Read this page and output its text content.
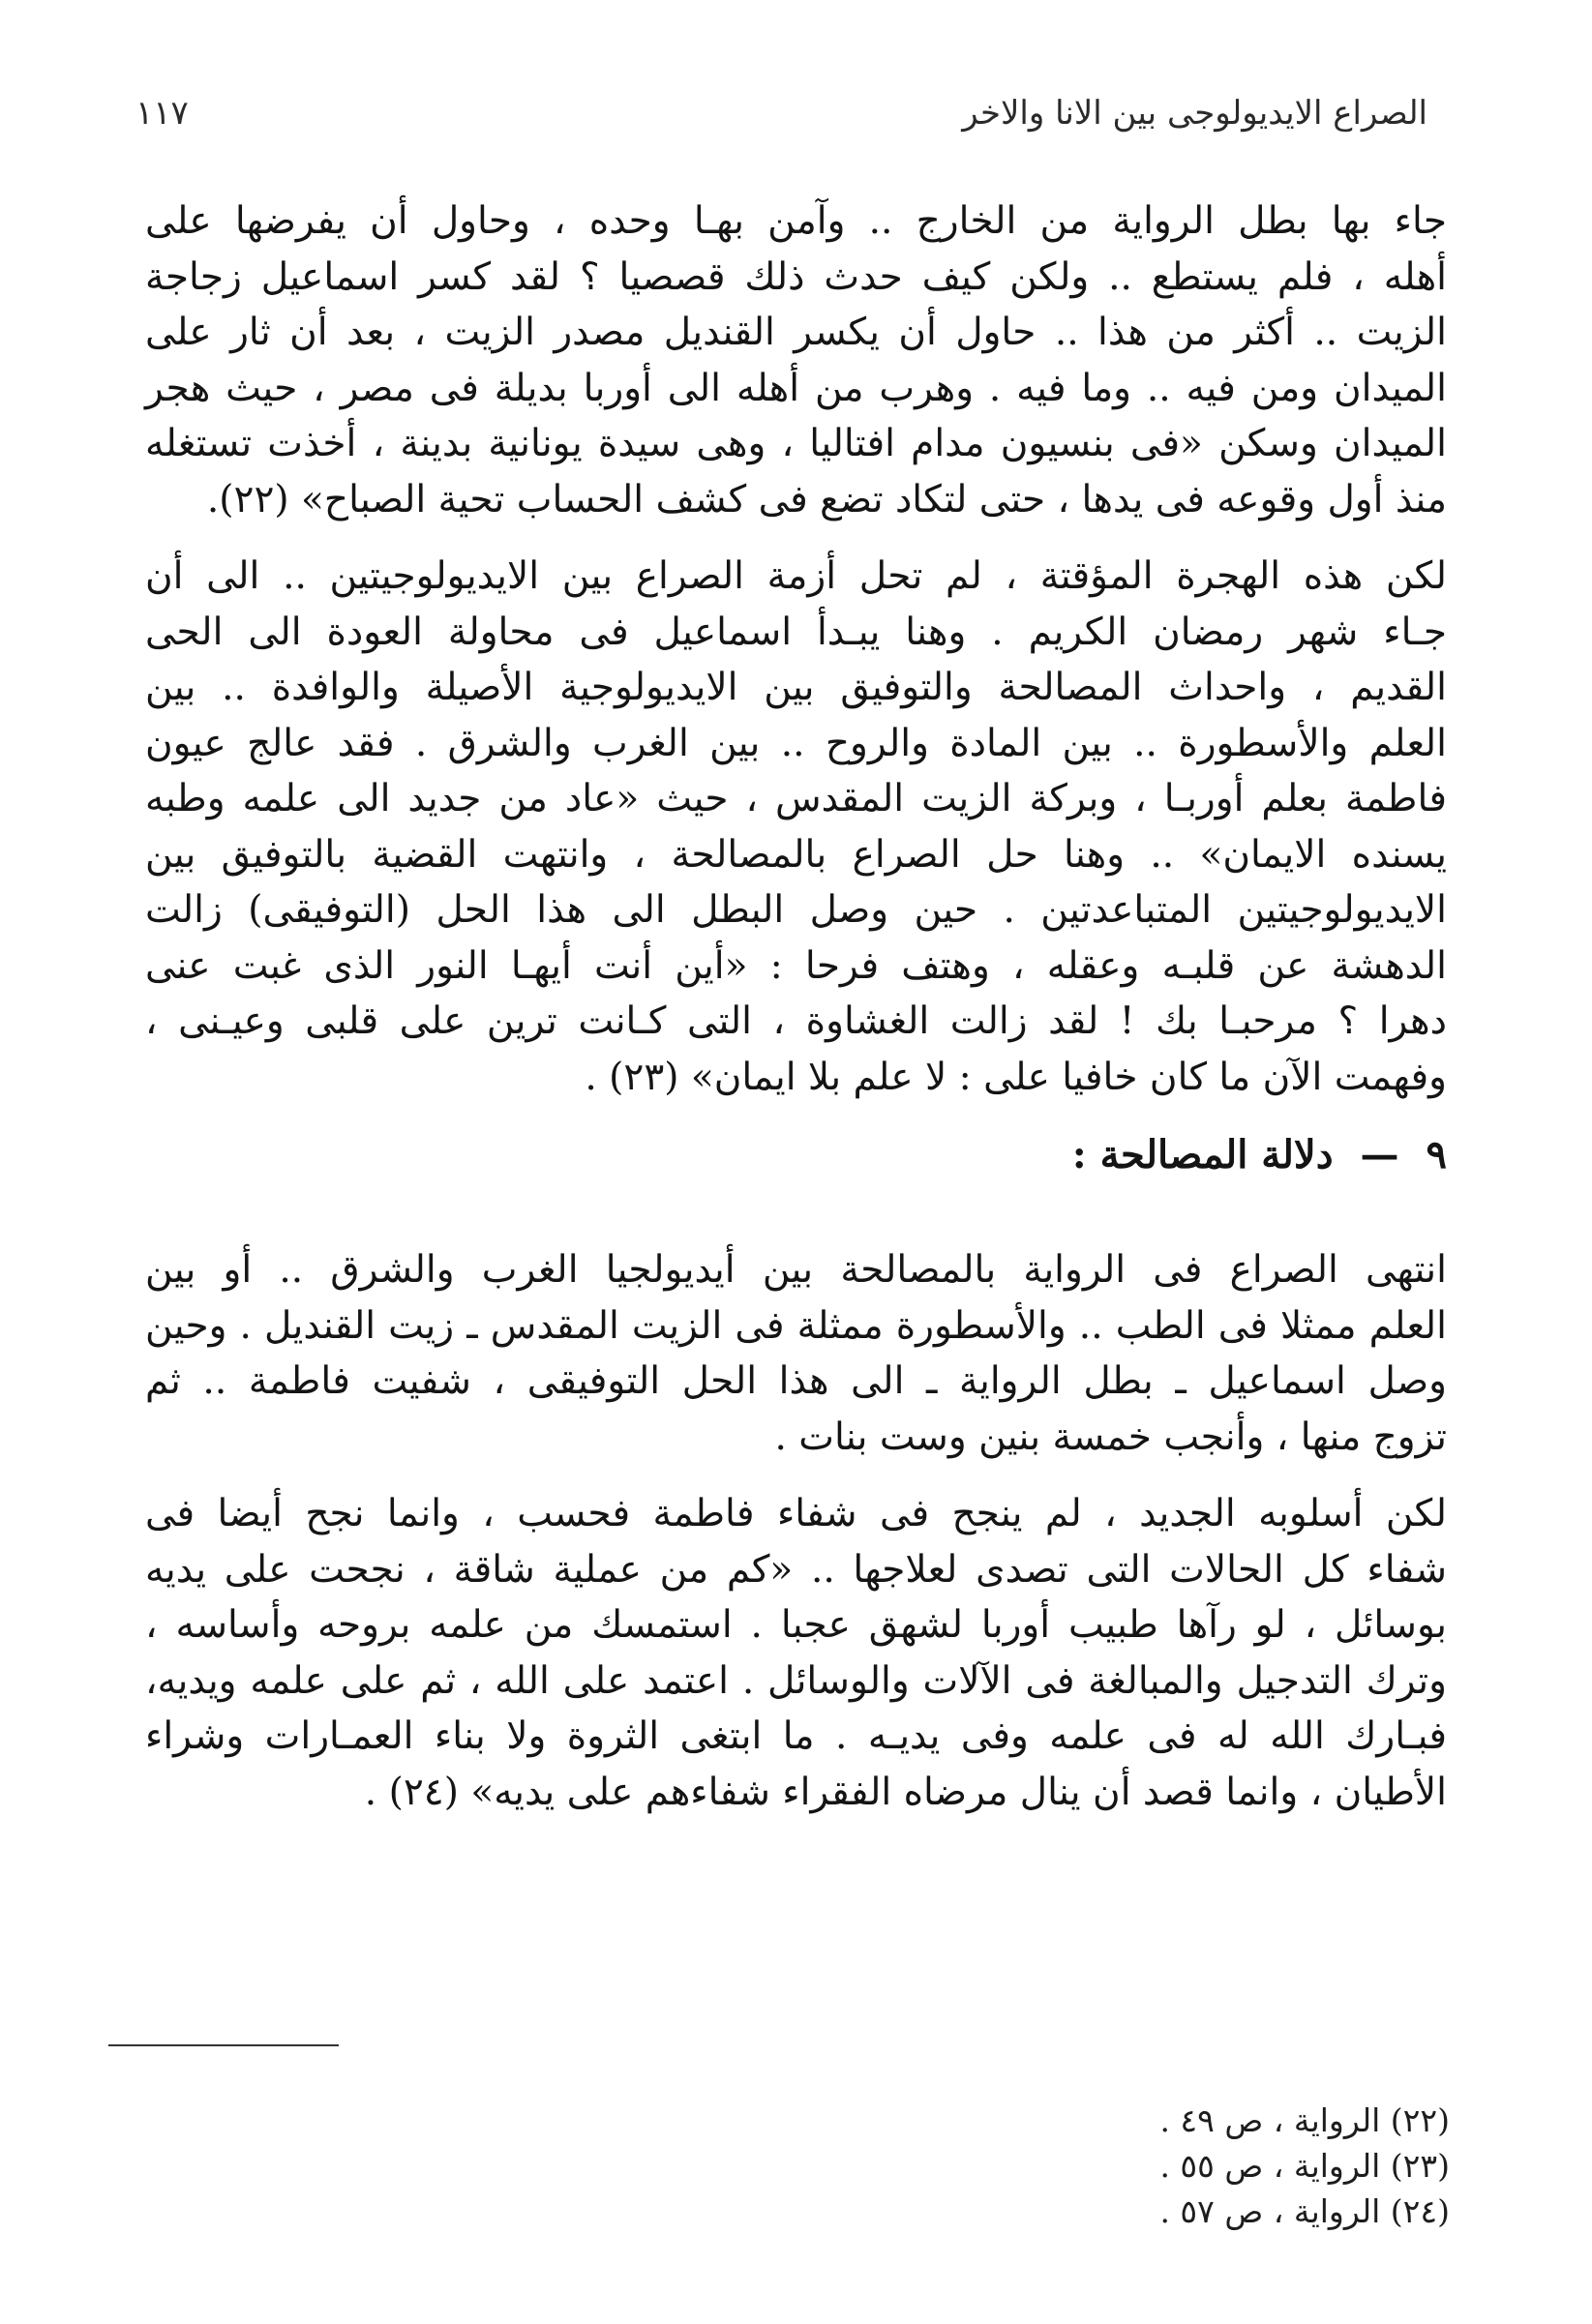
الصراع الايديولوجى بين الانا والاخر
١١٧

جاء بها بطل الرواية من الخارج .. وآمن بهـا وحده ، وحاول أن يفرضها على
أهله ، فلم يستطع .. ولكن كيف حدث ذلك قصصيا ؟ لقد كسر اسماعيل زجاجة
الزيت .. أكثر من هذا .. حاول أن يكسر القنديل مصدر الزيت ، بعد أن ثار على
الميدان ومن فيه .. وما فيه . وهرب من أهله الى أوربا بديلة فى مصر ، حيث هجر
الميدان وسكن «فى بنسيون مدام افتاليا ، وهى سيدة يونانية بدينة ، أخذت تستغله
منذ أول وقوعه فى يدها ، حتى لتكاد تضع فى كشف الحساب تحية الصباح» (٢٢).

لكن هذه الهجرة المؤقتة ، لم تحل أزمة الصراع بين الايديولوجيتين .. الى أن
جـاء شهر رمضان الكريم . وهنا يبـدأ اسماعيل فى محاولة العودة الى الحى
القديم ، واحداث المصالحة والتوفيق بين الايديولوجية الأصيلة والوافدة .. بين
العلم والأسطورة .. بين المادة والروح .. بين الغرب والشرق . فقد عالج عيون
فاطمة بعلم أوربـا ، وبركة الزيت المقدس ، حيث «عاد من جديد الى علمه وطبه
يسنده الايمان» .. وهنا حل الصراع بالمصالحة ، وانتهت القضية بالتوفيق بين
الايديولوجيتين المتباعدتين . حين وصل البطل الى هذا الحل (التوفيقى) زالت
الدهشة عن قلبـه وعقله ، وهتف فرحا : «أين أنت أيهـا النور الذى غبت عنى
دهرا ؟ مرحبـا بك ! لقد زالت الغشاوة ، التى كـانت ترين على قلبى وعيـنى ،
وفهمت الآن ما كان خافيا على : لا علم بلا ايمان» (٢٣) .

٩—دلالة المصالحة :

انتهى الصراع فى الرواية بالمصالحة بين أيديولجيا الغرب والشرق .. أو بين
العلم ممثلا فى الطب .. والأسطورة ممثلة فى الزيت المقدس ـ زيت القنديل . وحين
وصل اسماعيل ـ بطل الرواية ـ الى هذا الحل التوفيقى ، شفيت فاطمة .. ثم
تزوج منها ، وأنجب خمسة بنين وست بنات .

لكن أسلوبه الجديد ، لم ينجح فى شفاء فاطمة فحسب ، وانما نجح أيضا فى
شفاء كل الحالات التى تصدى لعلاجها .. «كم من عملية شاقة ، نجحت على يديه
بوسائل ، لو رآها طبيب أوربا لشهق عجبا . استمسك من علمه بروحه وأساسه ،
وترك التدجيل والمبالغة فى الآلات والوسائل . اعتمد على الله ، ثم على علمه ويديه،
فبـارك الله له فى علمه وفى يديـه . ما ابتغى الثروة ولا بناء العمـارات وشراء
الأطيان ، وانما قصد أن ينال مرضاه الفقراء شفاءهم على يديه» (٢٤) .

(٢٢) الرواية ، ص ٤٩ .
(٢٣) الرواية ، ص ٥٥ .
(٢٤) الرواية ، ص ٥٧ .
